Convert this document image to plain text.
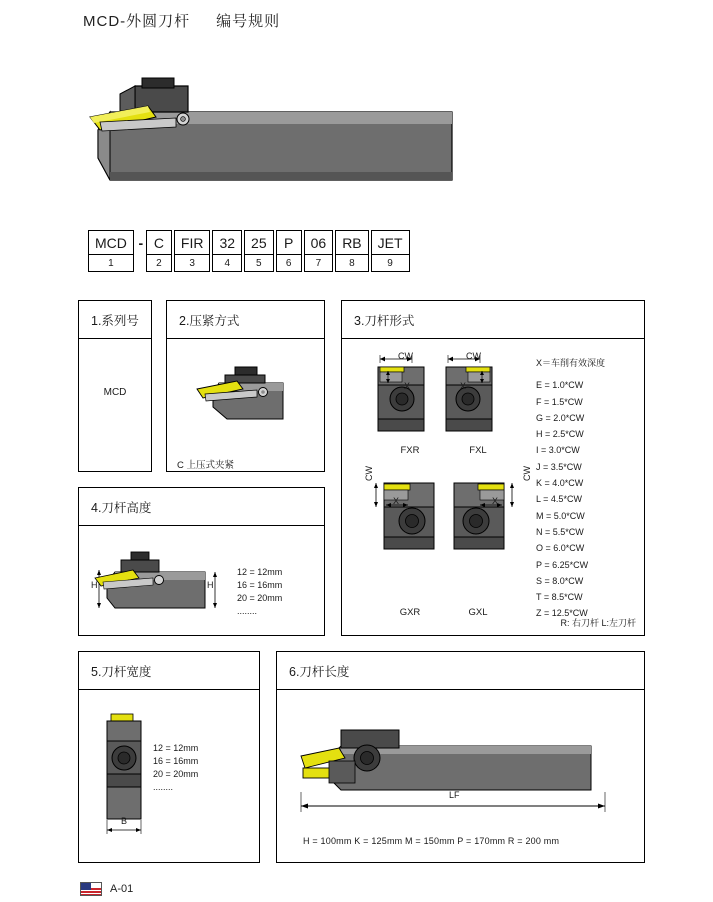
MCD-外圆刀杆 编号规则
MCD
1
- C
2
FIR
3
32
4
25
5
P
6
06
7
RB
8
JET
9
1.系列号
MCD
2.压紧方式
C 上压式夹紧
3.刀杆形式
CW
X
FXR
CW
X
FXL
CW
X
GXR
CW
X
GXL
X＝车削有效深度
E = 1.0*CW
F = 1.5*CW
G = 2.0*CW
H = 2.5*CW
I = 3.0*CW
J = 3.5*CW
K = 4.0*CW
L = 4.5*CW
M = 5.0*CW
N = 5.5*CW
O = 6.0*CW
P = 6.25*CW
S = 8.0*CW
T = 8.5*CW
Z = 12.5*CW
R: 右刀杆 L:左刀杆
4.刀杆高度
H	H
12 = 12mm
16 = 16mm
20 = 20mm
........
5.刀杆宽度
B
12 = 12mm
16 = 16mm
20 = 20mm
........
6.刀杆长度
LF
H = 100mm K = 125mm M = 150mm P = 170mm R = 200 mm
A-01
